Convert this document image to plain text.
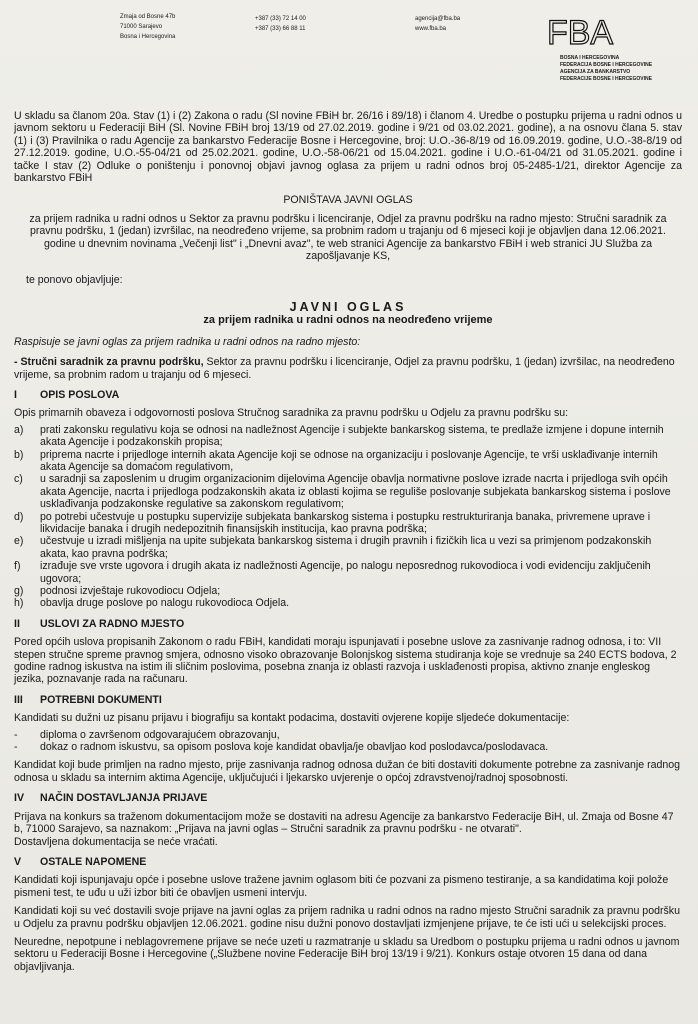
Zmaja od Bosne 47b
71000 Sarajevo
Bosna i Hercegovina
+387 (33) 72 14 00
+387 (33) 66 88 11
agencija@fba.ba
www.fba.ba	FBA
BOSNA I HERCEGOVINA
FEDERACIJA BOSNE I HERCEGOVINE
AGENCIJA ZA BANKARSTVO
FEDERACIJE BOSNE I HERCEGOVINE

U skladu sa članom 20a. Stav (1) i (2) Zakona o radu (Sl novine FBiH br. 26/16 i 89/18) i članom 4. Uredbe o postupku prijema u radni odnos u javnom sektoru u Federaciji BiH (Sl. Novine FBiH broj 13/19 od 27.02.2019. godine i 9/21 od 03.02.2021. godine), a na osnovu člana 5. stav (1) i (3) Pravilnika o radu Agencije za bankarstvo Federacije Bosne i Hercegovine, broj: U.O.-36-8/19 od 16.09.2019. godine, U.O.-38-8/19 od 27.12.2019. godine, U.O.-55-04/21 od 25.02.2021. godine, U.O.-58-06/21 od 15.04.2021. godine i U.O.-61-04/21 od 31.05.2021. godine i tačke I stav (2) Odluke o poništenju i ponovnoj objavi javnog oglasa za prijem u radni odnos broj 05-2485-1/21, direktor Agencije za bankarstvo FBiH

PONIŠTAVA JAVNI OGLAS

za prijem radnika u radni odnos u Sektor za pravnu podršku i licenciranje, Odjel za pravnu podršku na radno mjesto: Stručni saradnik za pravnu podršku, 1 (jedan) izvršilac, na neodređeno vrijeme, sa probnim radom u trajanju od 6 mjeseci koji je objavljen dana 12.06.2021. godine u dnevnim novinama „Večenji list" i „Dnevni avaz", te web stranici Agencije za bankarstvo FBiH i web stranici JU Služba za zapošljavanje KS,

te ponovo objavljuje:

JAVNI OGLAS

za prijem radnika u radni odnos na neodređeno vrijeme

Raspisuje se javni oglas za prijem radnika u radni odnos na radno mjesto:

- Stručni saradnik za pravnu podršku, Sektor za pravnu podršku i licenciranje, Odjel za pravnu podršku, 1 (jedan) izvršilac, na neodređeno vrijeme, sa probnim radom u trajanju od 6 mjeseci.

I	OPIS POSLOVA

Opis primarnih obaveza i odgovornosti poslova Stručnog saradnika za pravnu podršku u Odjelu za pravnu podršku su:

a)	prati zakonsku regulativu koja se odnosi na nadležnost Agencije i subjekte bankarskog sistema, te predlaže izmjene i dopune internih akata Agencije i podzakonskih propisa;
b)	priprema nacrte i prijedloge internih akata Agencije koji se odnose na organizaciju i poslovanje Agencije, te vrši usklađivanje internih akata Agencije sa domaćom regulativom,
c)	u saradnji sa zaposlenim u drugim organizacionim dijelovima Agencije obavlja normativne poslove izrade nacrta i prijedloga svih općih akata Agencije, nacrta i prijedloga podzakonskih akata iz oblasti kojima se reguliše poslovanje subjekata bankarskog sistema i poslove usklađivanja podzakonske regulative sa zakonskom regulativom;
d)	po potrebi učestvuje u postupku supervizije subjekata bankarskog sistema i postupku restrukturiranja banaka, privremene uprave i likvidacije banaka i drugih nedepozitnih finansijskih institucija, kao pravna podrška;
e)	učestvuje u izradi mišljenja na upite subjekata bankarskog sistema i drugih pravnih i fizičkih lica u vezi sa primjenom podzakonskih akata, kao pravna podrška;
f)	izrađuje sve vrste ugovora i drugih akata iz nadležnosti Agencije, po nalogu neposrednog rukovodioca i vodi evidenciju zaključenih ugovora;
g)	podnosi izvještaje rukovodiocu Odjela;
h)	obavlja druge poslove po nalogu rukovodioca Odjela.
II	USLOVI ZA RADNO MJESTO

Pored općih uslova propisanih Zakonom o radu FBiH, kandidati moraju ispunjavati i posebne uslove za zasnivanje radnog odnosa, i to: VII stepen stručne spreme pravnog smjera, odnosno visoko obrazovanje Bolonjskog sistema studiranja koje se vrednuje sa 240 ECTS bodova, 2 godine radnog iskustva na istim ili sličnim poslovima, posebna znanja iz oblasti razvoja i usklađenosti propisa, aktivno znanje engleskog jezika, poznavanje rada na računaru.

III	POTREBNI DOKUMENTI

Kandidati su dužni uz pisanu prijavu i biografiju sa kontakt podacima, dostaviti ovjerene kopije sljedeće dokumentacije:

-	diploma o završenom odgovarajućem obrazovanju,
-	dokaz o radnom iskustvu, sa opisom poslova koje kandidat obavlja/je obavljao kod poslodavca/poslodavaca.

Kandidat koji bude primljen na radno mjesto, prije zasnivanja radnog odnosa dužan će biti dostaviti dokumente potrebne za zasnivanje radnog odnosa u skladu sa internim aktima Agencije, uključujući i ljekarsko uvjerenje o općoj zdravstvenoj/radnoj sposobnosti.

IV	NAČIN DOSTAVLJANJA PRIJAVE

Prijava na konkurs sa traženom dokumentacijom može se dostaviti na adresu Agencije za bankarstvo Federacije BiH, ul. Zmaja od Bosne 47 b, 71000 Sarajevo, sa naznakom: „Prijava na javni oglas – Stručni saradnik za pravnu podršku - ne otvarati".

Dostavljena dokumentacija se neće vraćati.

V	OSTALE NAPOMENE

Kandidati koji ispunjavaju opće i posebne uslove tražene javnim oglasom biti će pozvani za pismeno testiranje, a sa kandidatima koji polože pismeni test, te uđu u uži izbor biti će obavljen usmeni intervju.

Kandidati koji su već dostavili svoje prijave na javni oglas za prijem radnika u radni odnos na radno mjesto Stručni saradnik za pravnu podršku u Odjelu za pravnu podršku objavljen 12.06.2021. godine nisu dužni ponovo dostavljati izmjenjene prijave, te će isti ući u selekcijski proces.

Neuredne, nepotpune i neblagovremene prijave se neće uzeti u razmatranje u skladu sa Uredbom o postupku prijema u radni odnos u javnom sektoru u Federaciji Bosne i Hercegovine („Službene novine Federacije BiH broj 13/19 i 9/21). Konkurs ostaje otvoren 15 dana od dana objavljivanja.
